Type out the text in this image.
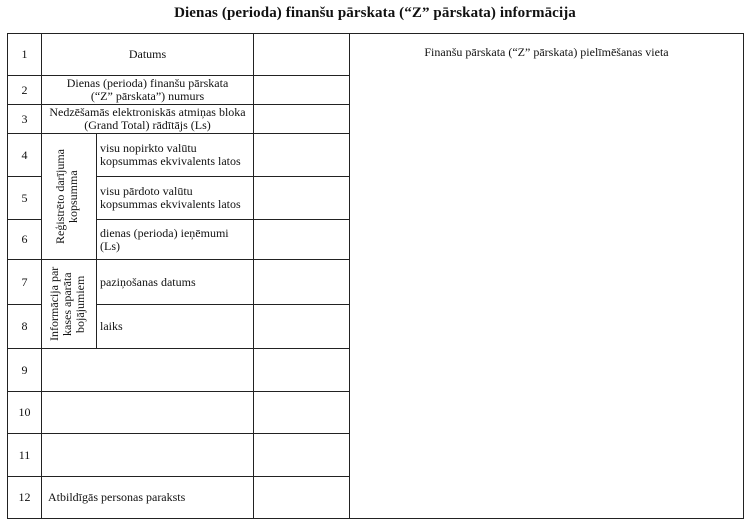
Dienas (perioda) finanšu pārskata (“Z” pārskata) informācija
1	Datums			Finanšu pārskata (“Z” pārskata) pielīmēšanas vieta
2	Dienas (perioda) finanšu pārskata
(“Z” pārskata”) numurs			
3	Nedzēšamās elektroniskās atmiņas bloka
(Grand Total) rādītājs (Ls)			
4	Reģistrēto darījuma kopsumma	visu nopirkto valūtu
kopsummas ekvivalents latos		
5		visu pārdoto valūtu
kopsummas ekvivalents latos		
6		dienas (perioda) ieņēmumi
(Ls)		
7	Informācija par kases aparāta bojājumiem	paziņošanas datums		
8		laiks		
9				
10				
11				
12	Atbildīgās personas paraksts			
